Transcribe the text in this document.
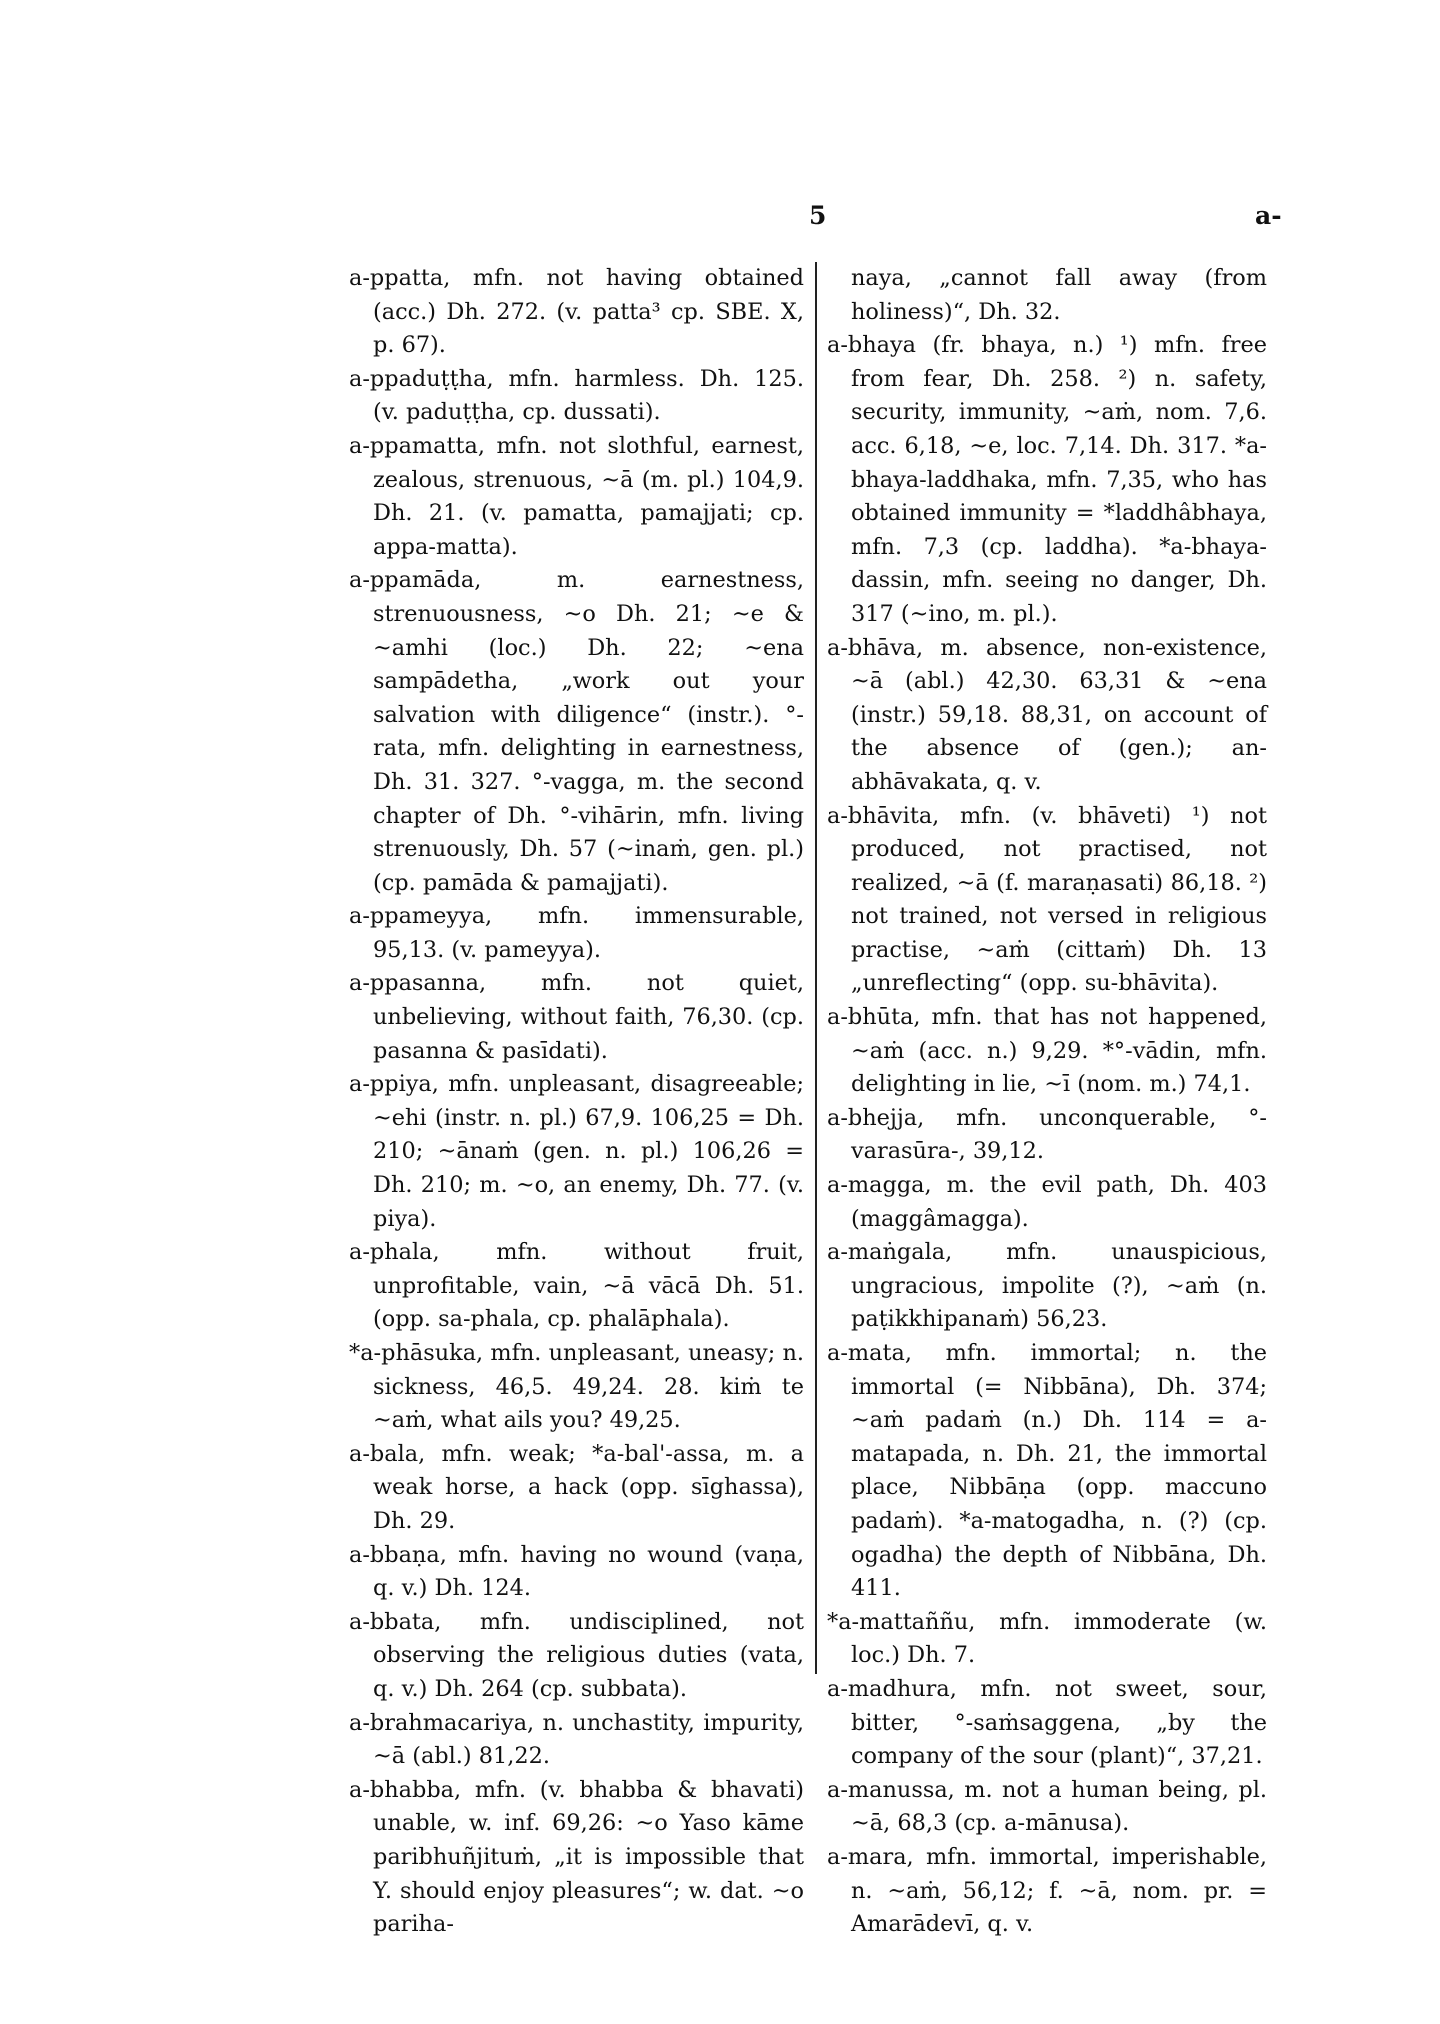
5	a-
a-ppatta, mfn. not having obtained (acc.) Dh. 272. (v. patta³ cp. SBE. X, p. 67).
a-ppaduṭṭha, mfn. harmless. Dh. 125. (v. paduṭṭha, cp. dussati).
a-ppamatta, mfn. not slothful, earnest, zealous, strenuous, ~ā (m. pl.) 104,9. Dh. 21. (v. pamatta, pamajjati; cp. appa-matta).
a-ppamāda, m. earnestness, strenuousness, ~o Dh. 21; ~e & ~amhi (loc.) Dh. 22; ~ena sampādetha, „work out your salvation with diligence“ (instr.). °-rata, mfn. delighting in earnestness, Dh. 31. 327. °-vagga, m. the second chapter of Dh. °-vihārin, mfn. living strenuously, Dh. 57 (~inaṁ, gen. pl.) (cp. pamāda & pamajjati).
a-ppameyya, mfn. immensurable, 95,13. (v. pameyya).
a-ppasanna, mfn. not quiet, unbelieving, without faith, 76,30. (cp. pasanna & pasīdati).
a-ppiya, mfn. unpleasant, disagreeable; ~ehi (instr. n. pl.) 67,9. 106,25 = Dh. 210; ~ānaṁ (gen. n. pl.) 106,26 = Dh. 210; m. ~o, an enemy, Dh. 77. (v. piya).
a-phala, mfn. without fruit, unprofitable, vain, ~ā vācā Dh. 51. (opp. sa-phala, cp. phalāphala).
*a-phāsuka, mfn. unpleasant, uneasy; n. sickness, 46,5. 49,24. 28. kiṁ te ~aṁ, what ails you? 49,25.
a-bala, mfn. weak; *a-bal'-assa, m. a weak horse, a hack (opp. sīghassa), Dh. 29.
a-bbaṇa, mfn. having no wound (vaṇa, q. v.) Dh. 124.
a-bbata, mfn. undisciplined, not observing the religious duties (vata, q. v.) Dh. 264 (cp. subbata).
a-brahmacariya, n. unchastity, impurity, ~ā (abl.) 81,22.
a-bhabba, mfn. (v. bhabba & bhavati) unable, w. inf. 69,26: ~o Yaso kāme paribhuñjituṁ, „it is impossible that Y. should enjoy pleasures“; w. dat. ~o pariha-
naya, „cannot fall away (from holiness)“, Dh. 32.
a-bhaya (fr. bhaya, n.) ¹) mfn. free from fear, Dh. 258. ²) n. safety, security, immunity, ~aṁ, nom. 7,6. acc. 6,18, ~e, loc. 7,14. Dh. 317. *a-bhaya-laddhaka, mfn. 7,35, who has obtained immunity = *laddhâbhaya, mfn. 7,3 (cp. laddha). *a-bhaya-dassin, mfn. seeing no danger, Dh. 317 (~ino, m. pl.).
a-bhāva, m. absence, non-existence, ~ā (abl.) 42,30. 63,31 & ~ena (instr.) 59,18. 88,31, on account of the absence of (gen.); an-abhāvakata, q. v.
a-bhāvita, mfn. (v. bhāveti) ¹) not produced, not practised, not realized, ~ā (f. maraṇasati) 86,18. ²) not trained, not versed in religious practise, ~aṁ (cittaṁ) Dh. 13 „unreflecting“ (opp. su-bhāvita).
a-bhūta, mfn. that has not happened, ~aṁ (acc. n.) 9,29. *°-vādin, mfn. delighting in lie, ~ī (nom. m.) 74,1.
a-bhejja, mfn. unconquerable, °-varasūra-, 39,12.
a-magga, m. the evil path, Dh. 403 (maggâmagga).
a-maṅgala, mfn. unauspicious, ungracious, impolite (?), ~aṁ (n. paṭikkhipanaṁ) 56,23.
a-mata, mfn. immortal; n. the immortal (= Nibbāna), Dh. 374; ~aṁ padaṁ (n.) Dh. 114 = a-matapada, n. Dh. 21, the immortal place, Nibbāṇa (opp. maccuno padaṁ). *a-matogadha, n. (?) (cp. ogadha) the depth of Nibbāna, Dh. 411.
*a-mattaññu, mfn. immoderate (w. loc.) Dh. 7.
a-madhura, mfn. not sweet, sour, bitter, °-saṁsaggena, „by the company of the sour (plant)“, 37,21.
a-manussa, m. not a human being, pl. ~ā, 68,3 (cp. a-mānusa).
a-mara, mfn. immortal, imperishable, n. ~aṁ, 56,12; f. ~ā, nom. pr. = Amarādevī, q. v.
